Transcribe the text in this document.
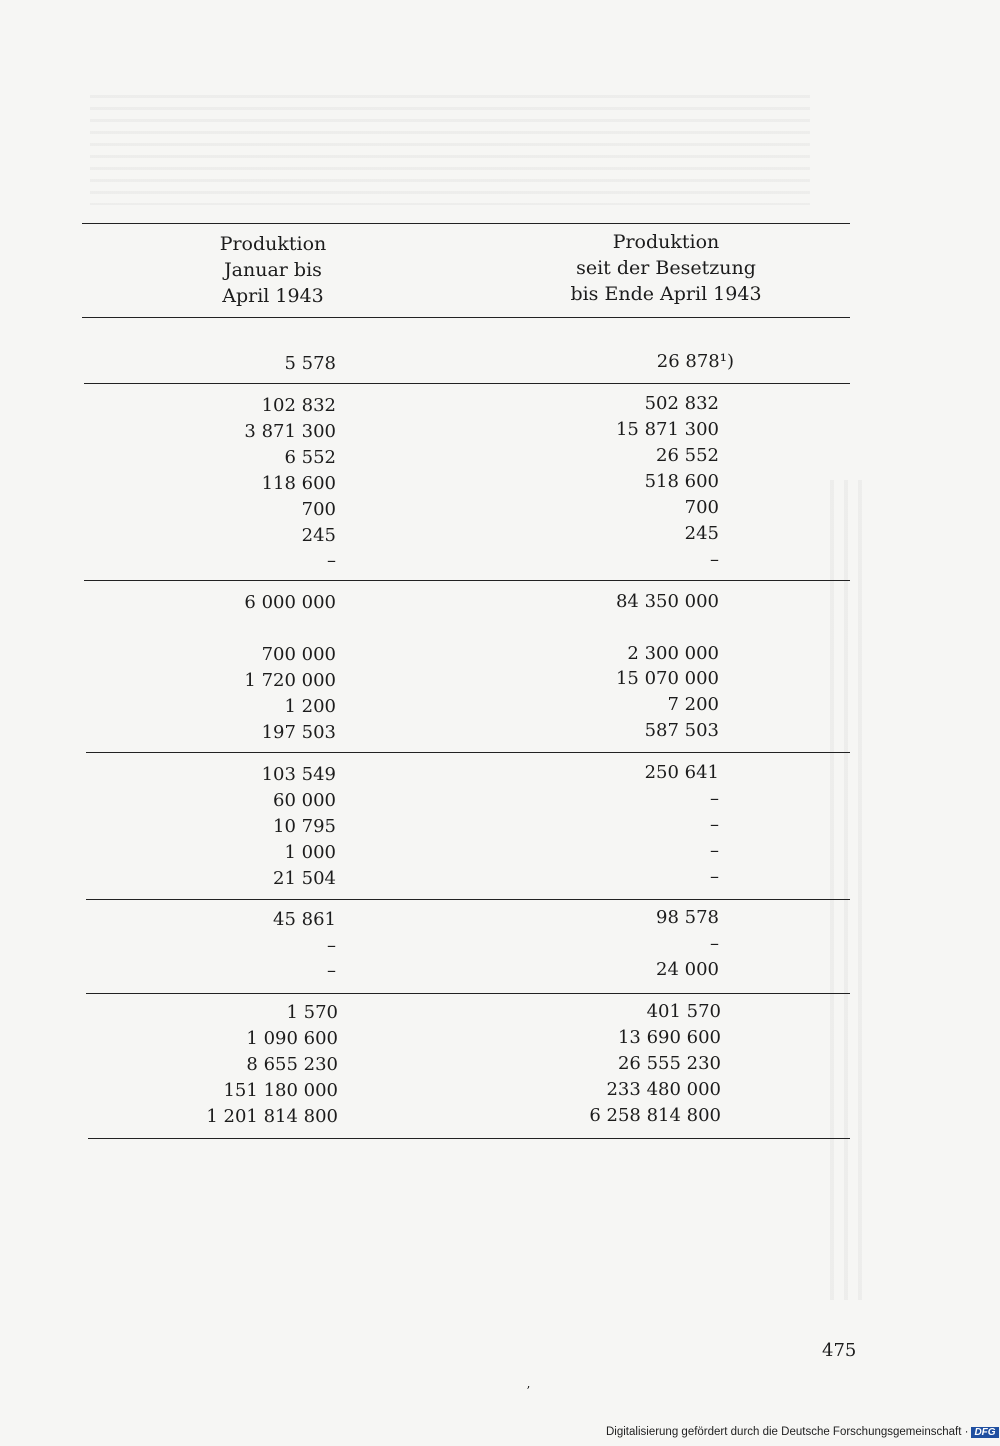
Produktion
Januar bis
April 1943
Produktion
seit der Besetzung
bis Ende April 1943
5 578	26 878¹)
102 832	502 832
3 871 300	15 871 300
6 552	26 552
118 600	518 600
700	700
245	245
–	–
6 000 000	84 350 000
700 000	2 300 000
1 720 000	15 070 000
1 200	7 200
197 503	587 503
103 549	250 641
60 000	–
10 795	–
1 000	–
21 504	–
45 861	98 578
–	–
–	24 000
1 570	401 570
1 090 600	13 690 600
8 655 230	26 555 230
151 180 000	233 480 000
1 201 814 800	6 258 814 800
ʼ
475
Digitalisierung gefördert durch die Deutsche Forschungsgemeinschaft · DFG
